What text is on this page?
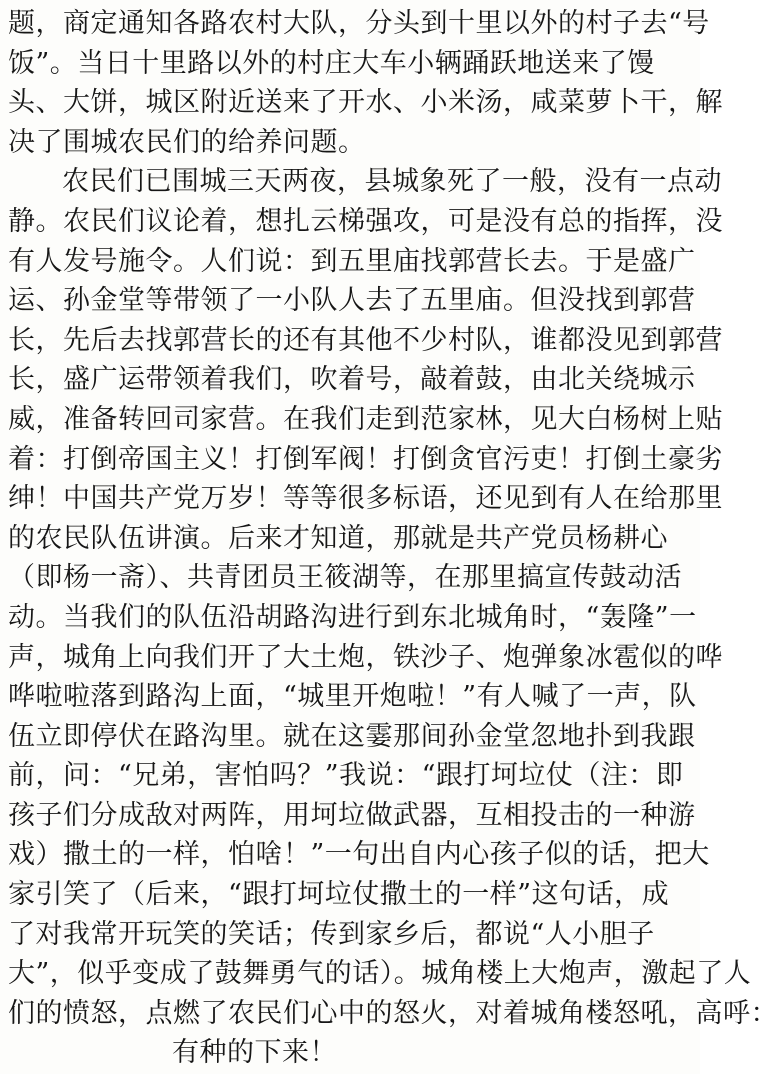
题，商定通知各路农村大队，分头到十里以外的村子去“号
饭”。当日十里路以外的村庄大车小辆踊跃地送来了馒
头、大饼，城区附近送来了开水、小米汤，咸菜萝卜干，解
决了围城农民们的给养问题。
农民们已围城三天两夜，县城象死了一般，没有一点动
静。农民们议论着，想扎云梯强攻，可是没有总的指挥，没
有人发号施令。人们说：到五里庙找郭营长去。于是盛广
运、孙金堂等带领了一小队人去了五里庙。但没找到郭营
长，先后去找郭营长的还有其他不少村队，谁都没见到郭营
长，盛广运带领着我们，吹着号，敲着鼓，由北关绕城示
威，准备转回司家营。在我们走到范家林，见大白杨树上贴
着：打倒帝国主义！打倒军阀！打倒贪官污吏！打倒土豪劣
绅！中国共产党万岁！等等很多标语，还见到有人在给那里
的农民队伍讲演。后来才知道，那就是共产党员杨耕心
（即杨一斋）、共青团员王筱湖等，在那里搞宣传鼓动活
动。当我们的队伍沿胡路沟进行到东北城角时，“轰隆”一
声，城角上向我们开了大土炮，铁沙子、炮弹象冰雹似的哗
哗啦啦落到路沟上面，“城里开炮啦！”有人喊了一声，队
伍立即停伏在路沟里。就在这霎那间孙金堂忽地扑到我跟
前，问：“兄弟，害怕吗？”我说：“跟打坷垃仗（注：即
孩子们分成敌对两阵，用坷垃做武器，互相投击的一种游
戏）撒土的一样，怕啥！”一句出自内心孩子似的话，把大
家引笑了（后来，“跟打坷垃仗撒土的一样”这句话，成
了对我常开玩笑的笑话；传到家乡后，都说“人小胆子
大”，似乎变成了鼓舞勇气的话）。城角楼上大炮声，激起了人
们的愤怒，点燃了农民们心中的怒火，对着城角楼怒吼，高呼：
有种的下来！
